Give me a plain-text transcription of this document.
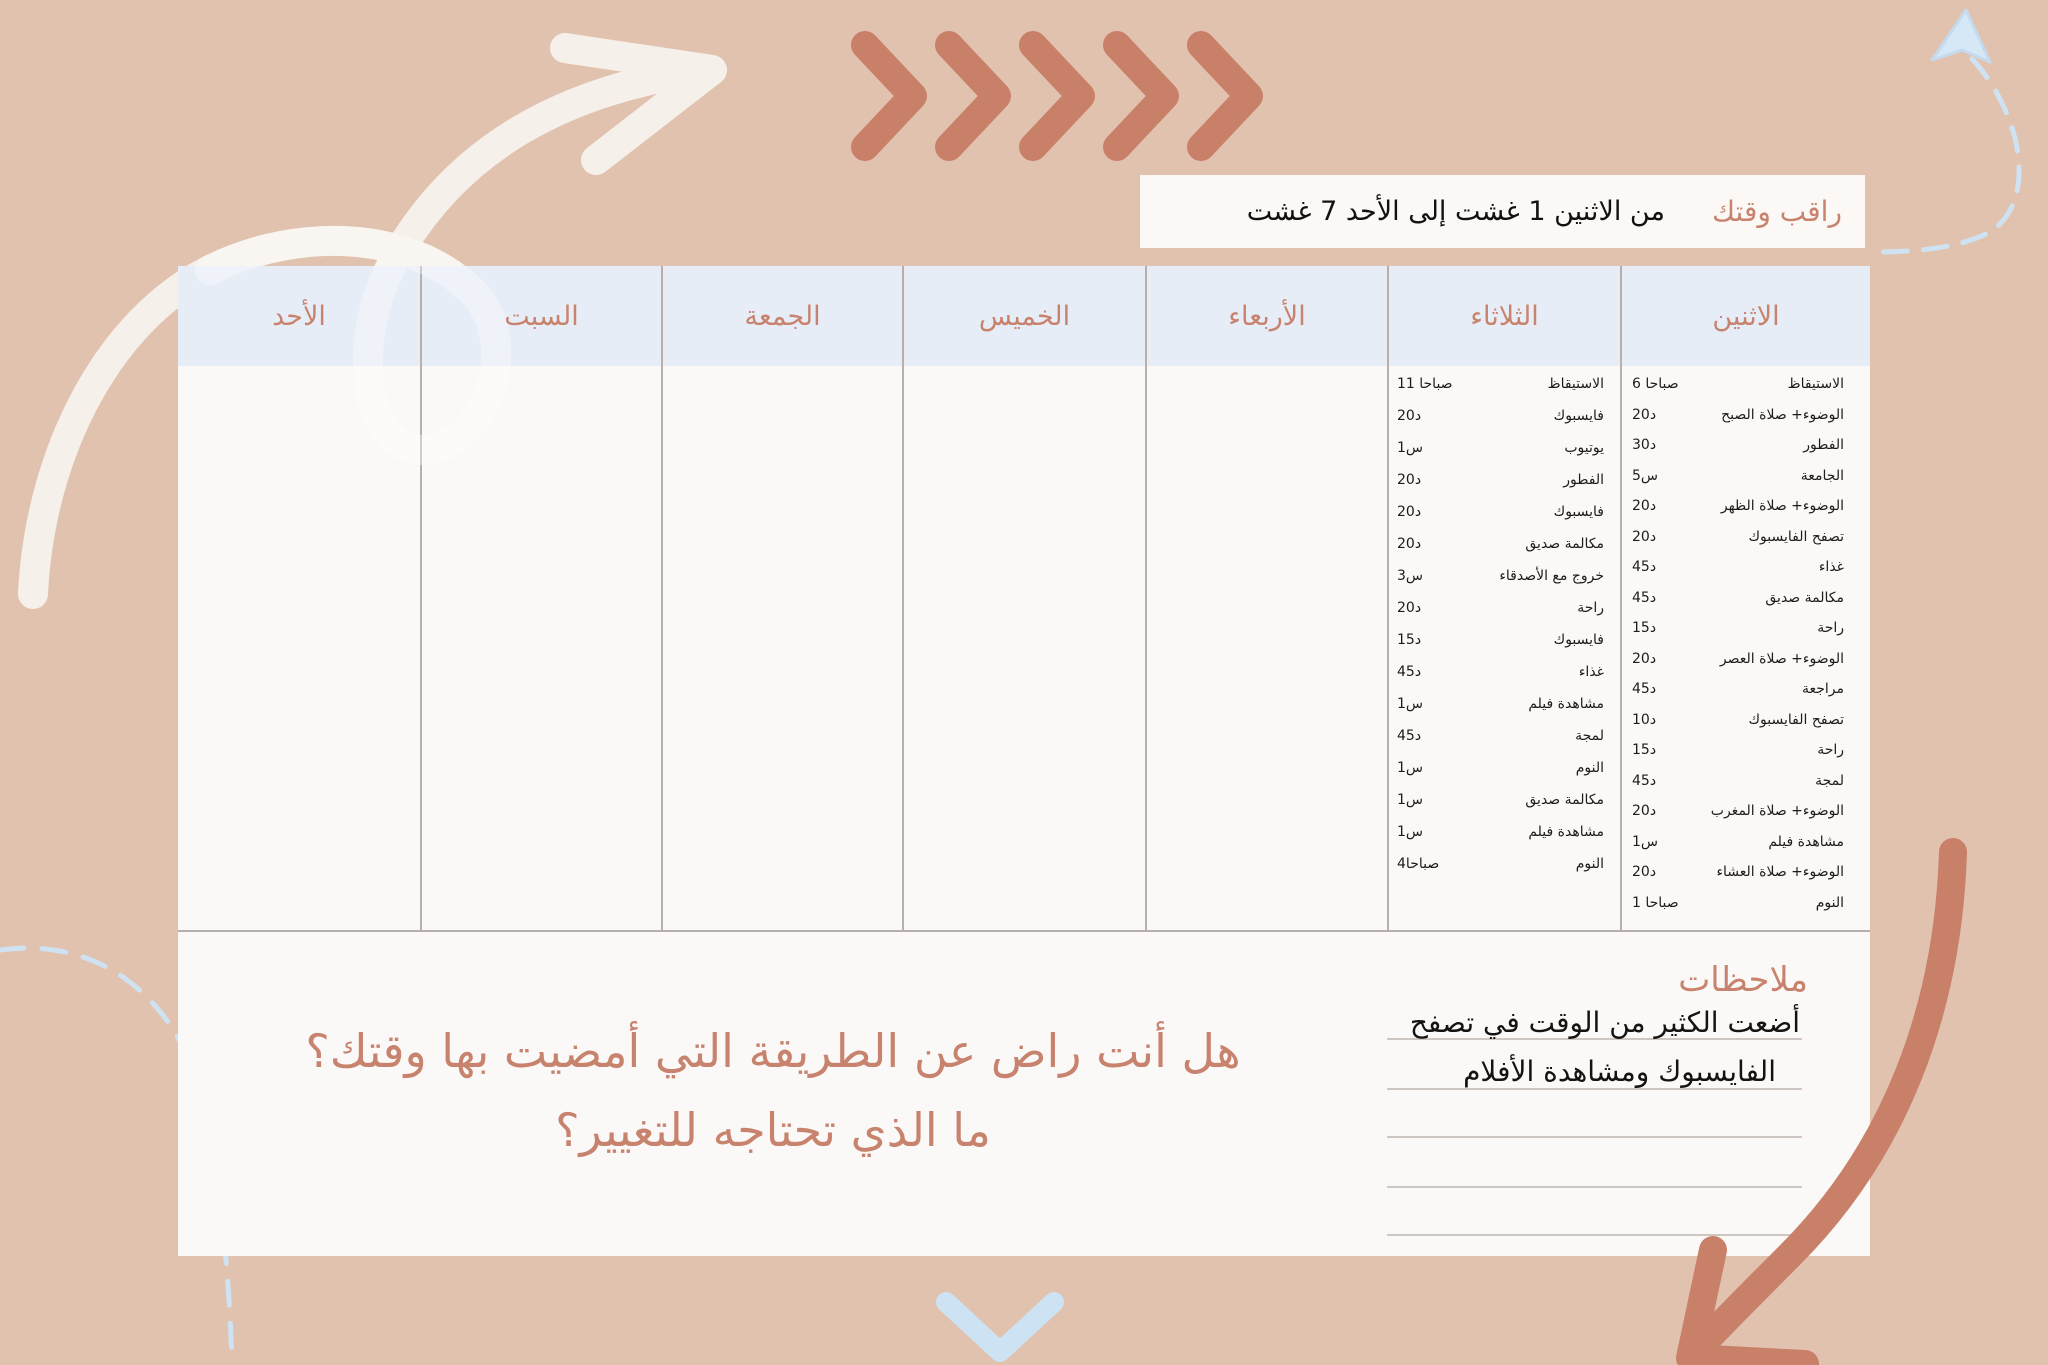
راقب وقتك
من الاثنين 1 غشت إلى الأحد 7 غشت
الاثنين
الاستيقاظ
6 صباحا
الوضوء+ صلاة الصبح
20د
الفطور
30د
الجامعة
5س
الوضوء+ صلاة الظهر
20د
تصفح الفايسبوك
20د
غذاء
45د
مكالمة صديق
45د
راحة
15د
الوضوء+ صلاة العصر
20د
مراجعة
45د
تصفح الفايسبوك
10د
راحة
15د
لمجة
45د
الوضوء+ صلاة المغرب
20د
مشاهدة فيلم
1س
الوضوء+ صلاة العشاء
20د
النوم
1 صباحا
الثلاثاء
الاستيقاظ
11 صباحا
فايسبوك
20د
يوتيوب
1س
الفطور
20د
فايسبوك
20د
مكالمة صديق
20د
خروج مع الأصدقاء
3س
راحة
20د
فايسبوك
15د
غذاء
45د
مشاهدة فيلم
1س
لمجة
45د
النوم
1س
مكالمة صديق
1س
مشاهدة فيلم
1س
النوم
4صباحا
الأربعاء
الخميس
الجمعة
السبت
الأحد
هل أنت راض عن الطريقة التي أمضيت بها وقتك؟
ما الذي تحتاجه للتغيير؟
ملاحظات
أضعت الكثير من الوقت في تصفح
الفايسبوك ومشاهدة الأفلام
